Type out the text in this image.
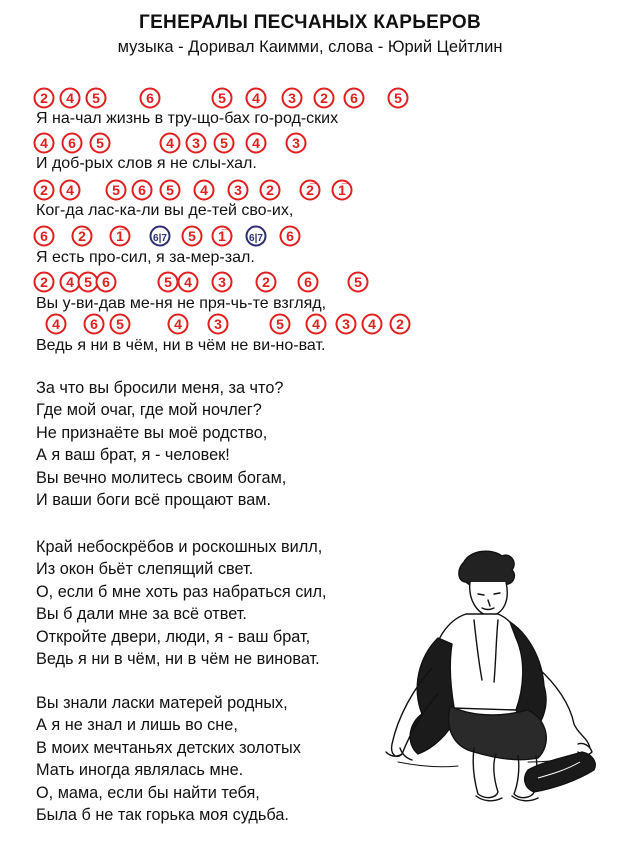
ГЕНЕРАЛЫ ПЕСЧАНЫХ КАРЬЕРОВ
музыка - Доривал Каимми, слова - Юрий Цейтлин
2 4 5	6	5 4 3 2 6	5
4 6 5	4 3 5 4 3
2 4	5 6 5 4 3 2 2̅ 1̅
6 2̅ 1̅	6|7 5 1̅	6|7 6
2 4 5 6	5 4 3	2 6	5
4 6 5	4 3	5 4 3 4 2
Я на-чал жизнь в тру-що-бах го-род-ских
И доб-рых слов я не слы-хал.
Ког-да лас-ка-ли вы де-тей сво-их,
Я есть про-сил, я за-мер-зал.
Вы у-ви-дав ме-ня не пря-чь-те взгляд,
Ведь я ни в чём, ни в чём не ви-но-ват.
За что вы бросили меня, за что?
Где мой очаг, где мой ночлег?
Не признаёте вы моё родство,
А я ваш брат, я - человек!
Вы вечно молитесь своим богам,
И ваши боги всё прощают вам.
Край небоскрёбов и роскошных вилл,
Из окон бьёт слепящий свет.
О, если б мне хоть раз набраться сил,
Вы б дали мне за всё ответ.
Откройте двери, люди, я - ваш брат,
Ведь я ни в чём, ни в чём не виноват.
Вы знали ласки матерей родных,
А я не знал и лишь во сне,
В моих мечтаньях детских золотых
Мать иногда являлась мне.
О, мама, если бы найти тебя,
Была б не так горька моя судьба.
